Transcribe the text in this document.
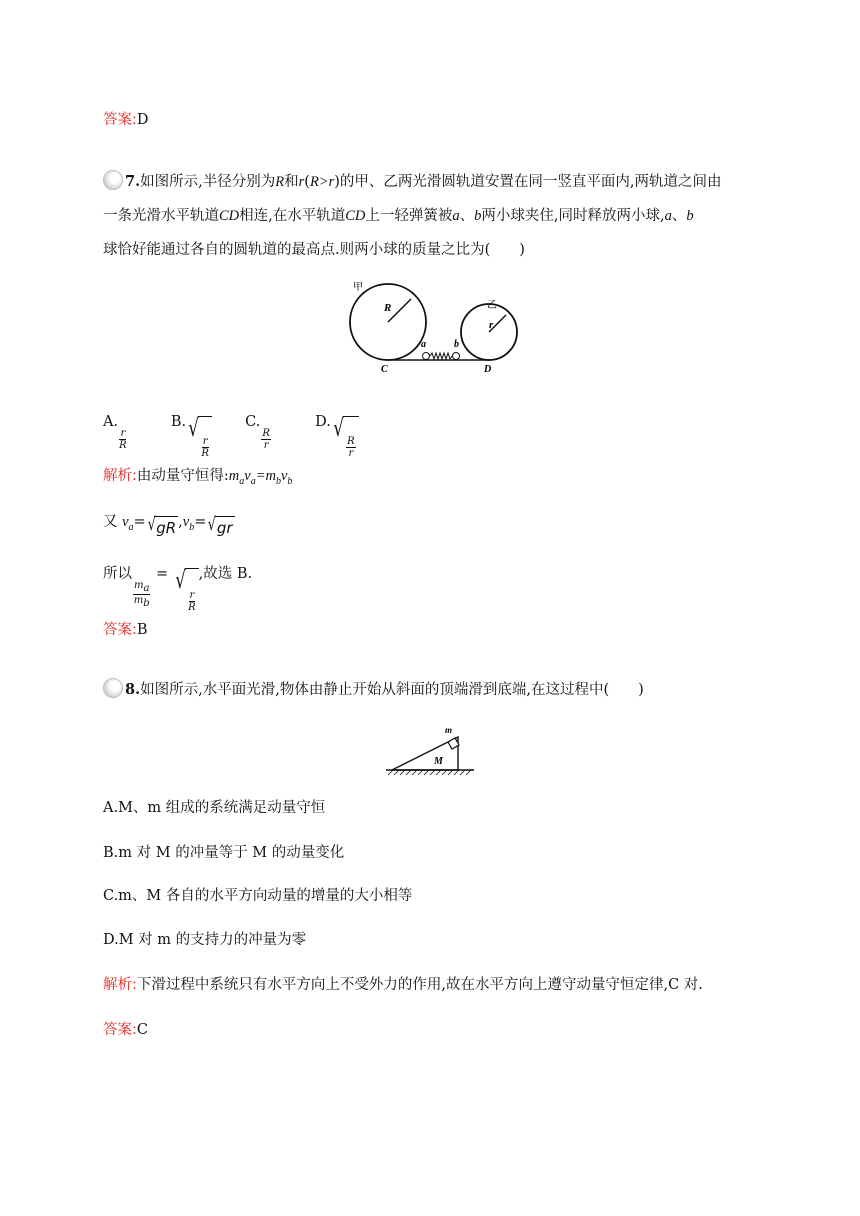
答案:D
7.如图所示,半径分别为R和r(R>r)的甲、乙两光滑圆轨道安置在同一竖直平面内,两轨道之间由
一条光滑水平轨道CD相连,在水平轨道CD上一轻弹簧被a、b两小球夹住,同时释放两小球,a、b
球恰好能通过各自的圆轨道的最高点.则两小球的质量之比为(　　)
甲
R	乙
r
a	b
C	D
A.
$\frac{r}{R}$
B. √
$\frac{r}{R}$
C.
$\frac{R}{r}$
D. √
$\frac{R}{r}$
解析:由动量守恒得$:m_av_a=m_bv_b$
又 $v_a=$ √ gR $,v_b=$ √ gr
所以
$\frac{m_a}{m_b}$
= √
$\frac{r}{R}$
,故选 B.
答案:B
8.如图所示,水平面光滑,物体由静止开始从斜面的顶端滑到底端,在这过程中(　　)
m
M
A.M、m 组成的系统满足动量守恒
B.m 对 M 的冲量等于 M 的动量变化
C.m、M 各自的水平方向动量的增量的大小相等
D.M 对 m 的支持力的冲量为零
解析:下滑过程中系统只有水平方向上不受外力的作用,故在水平方向上遵守动量守恒定律,C 对.
答案:C
